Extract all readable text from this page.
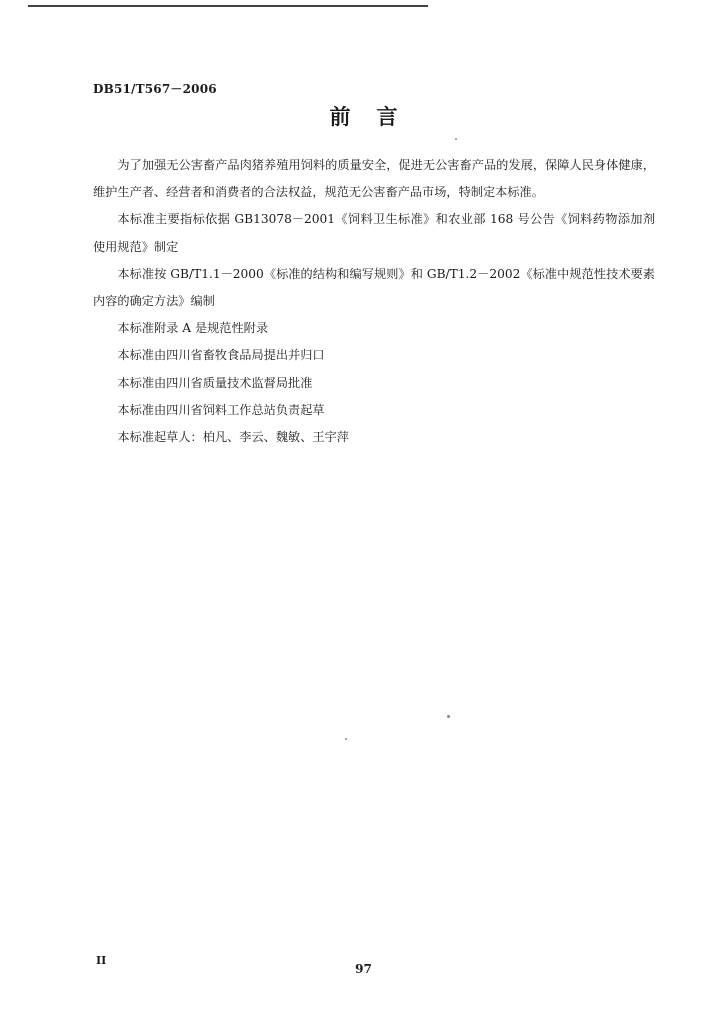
DB51/T567－2006
前言

为了加强无公害畜产品肉猪养殖用饲料的质量安全，促进无公害畜产品的发展，保障人民身体健康，维护生产者、经营者和消费者的合法权益，规范无公害畜产品市场，特制定本标准。

本标准主要指标依据 GB13078－2001《饲料卫生标准》和农业部 168 号公告《饲料药物添加剂使用规范》制定

本标准按 GB/T1.1－2000《标准的结构和编写规则》和 GB/T1.2－2002《标准中规范性技术要素内容的确定方法》编制

本标准附录 A 是规范性附录

本标准由四川省畜牧食品局提出并归口

本标准由四川省质量技术监督局批准

本标准由四川省饲料工作总站负责起草

本标准起草人：柏凡、李云、魏敏、王宇萍

II
97
